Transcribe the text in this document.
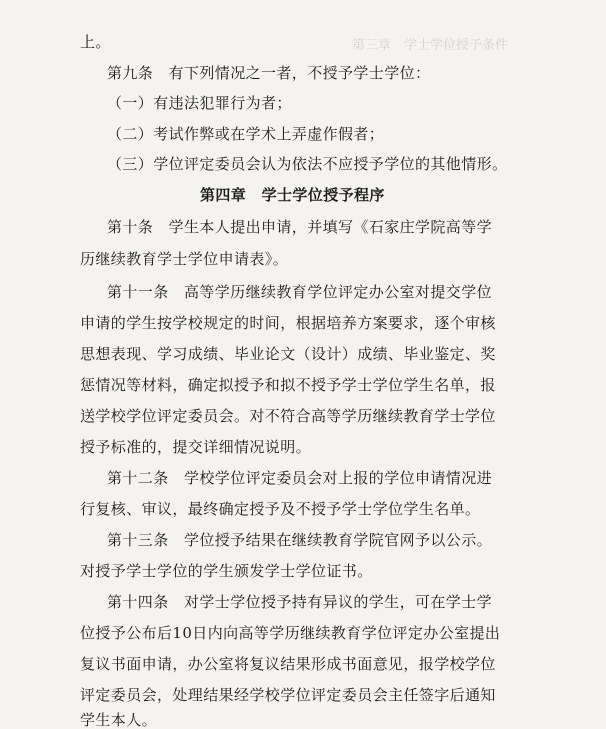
第三章　学士学位授予条件
上。
第九条　有下列情况之一者，不授予学士学位：
（一）有违法犯罪行为者；
（二）考试作弊或在学术上弄虚作假者；
（三）学位评定委员会认为依法不应授予学位的其他情形。
第四章　学士学位授予程序
第十条　学生本人提出申请，并填写《石家庄学院高等学
历继续教育学士学位申请表》。
第十一条　高等学历继续教育学位评定办公室对提交学位
申请的学生按学校规定的时间，根据培养方案要求，逐个审核
思想表现、学习成绩、毕业论文（设计）成绩、毕业鉴定、奖
惩情况等材料，确定拟授予和拟不授予学士学位学生名单，报
送学校学位评定委员会。对不符合高等学历继续教育学士学位
授予标准的，提交详细情况说明。
第十二条　学校学位评定委员会对上报的学位申请情况进
行复核、审议，最终确定授予及不授予学士学位学生名单。
第十三条　学位授予结果在继续教育学院官网予以公示。
对授予学士学位的学生颁发学士学位证书。
第十四条　对学士学位授予持有异议的学生，可在学士学
位授予公布后10日内向高等学历继续教育学位评定办公室提出
复议书面申请，办公室将复议结果形成书面意见，报学校学位
评定委员会，处理结果经学校学位评定委员会主任签字后通知
学生本人。
